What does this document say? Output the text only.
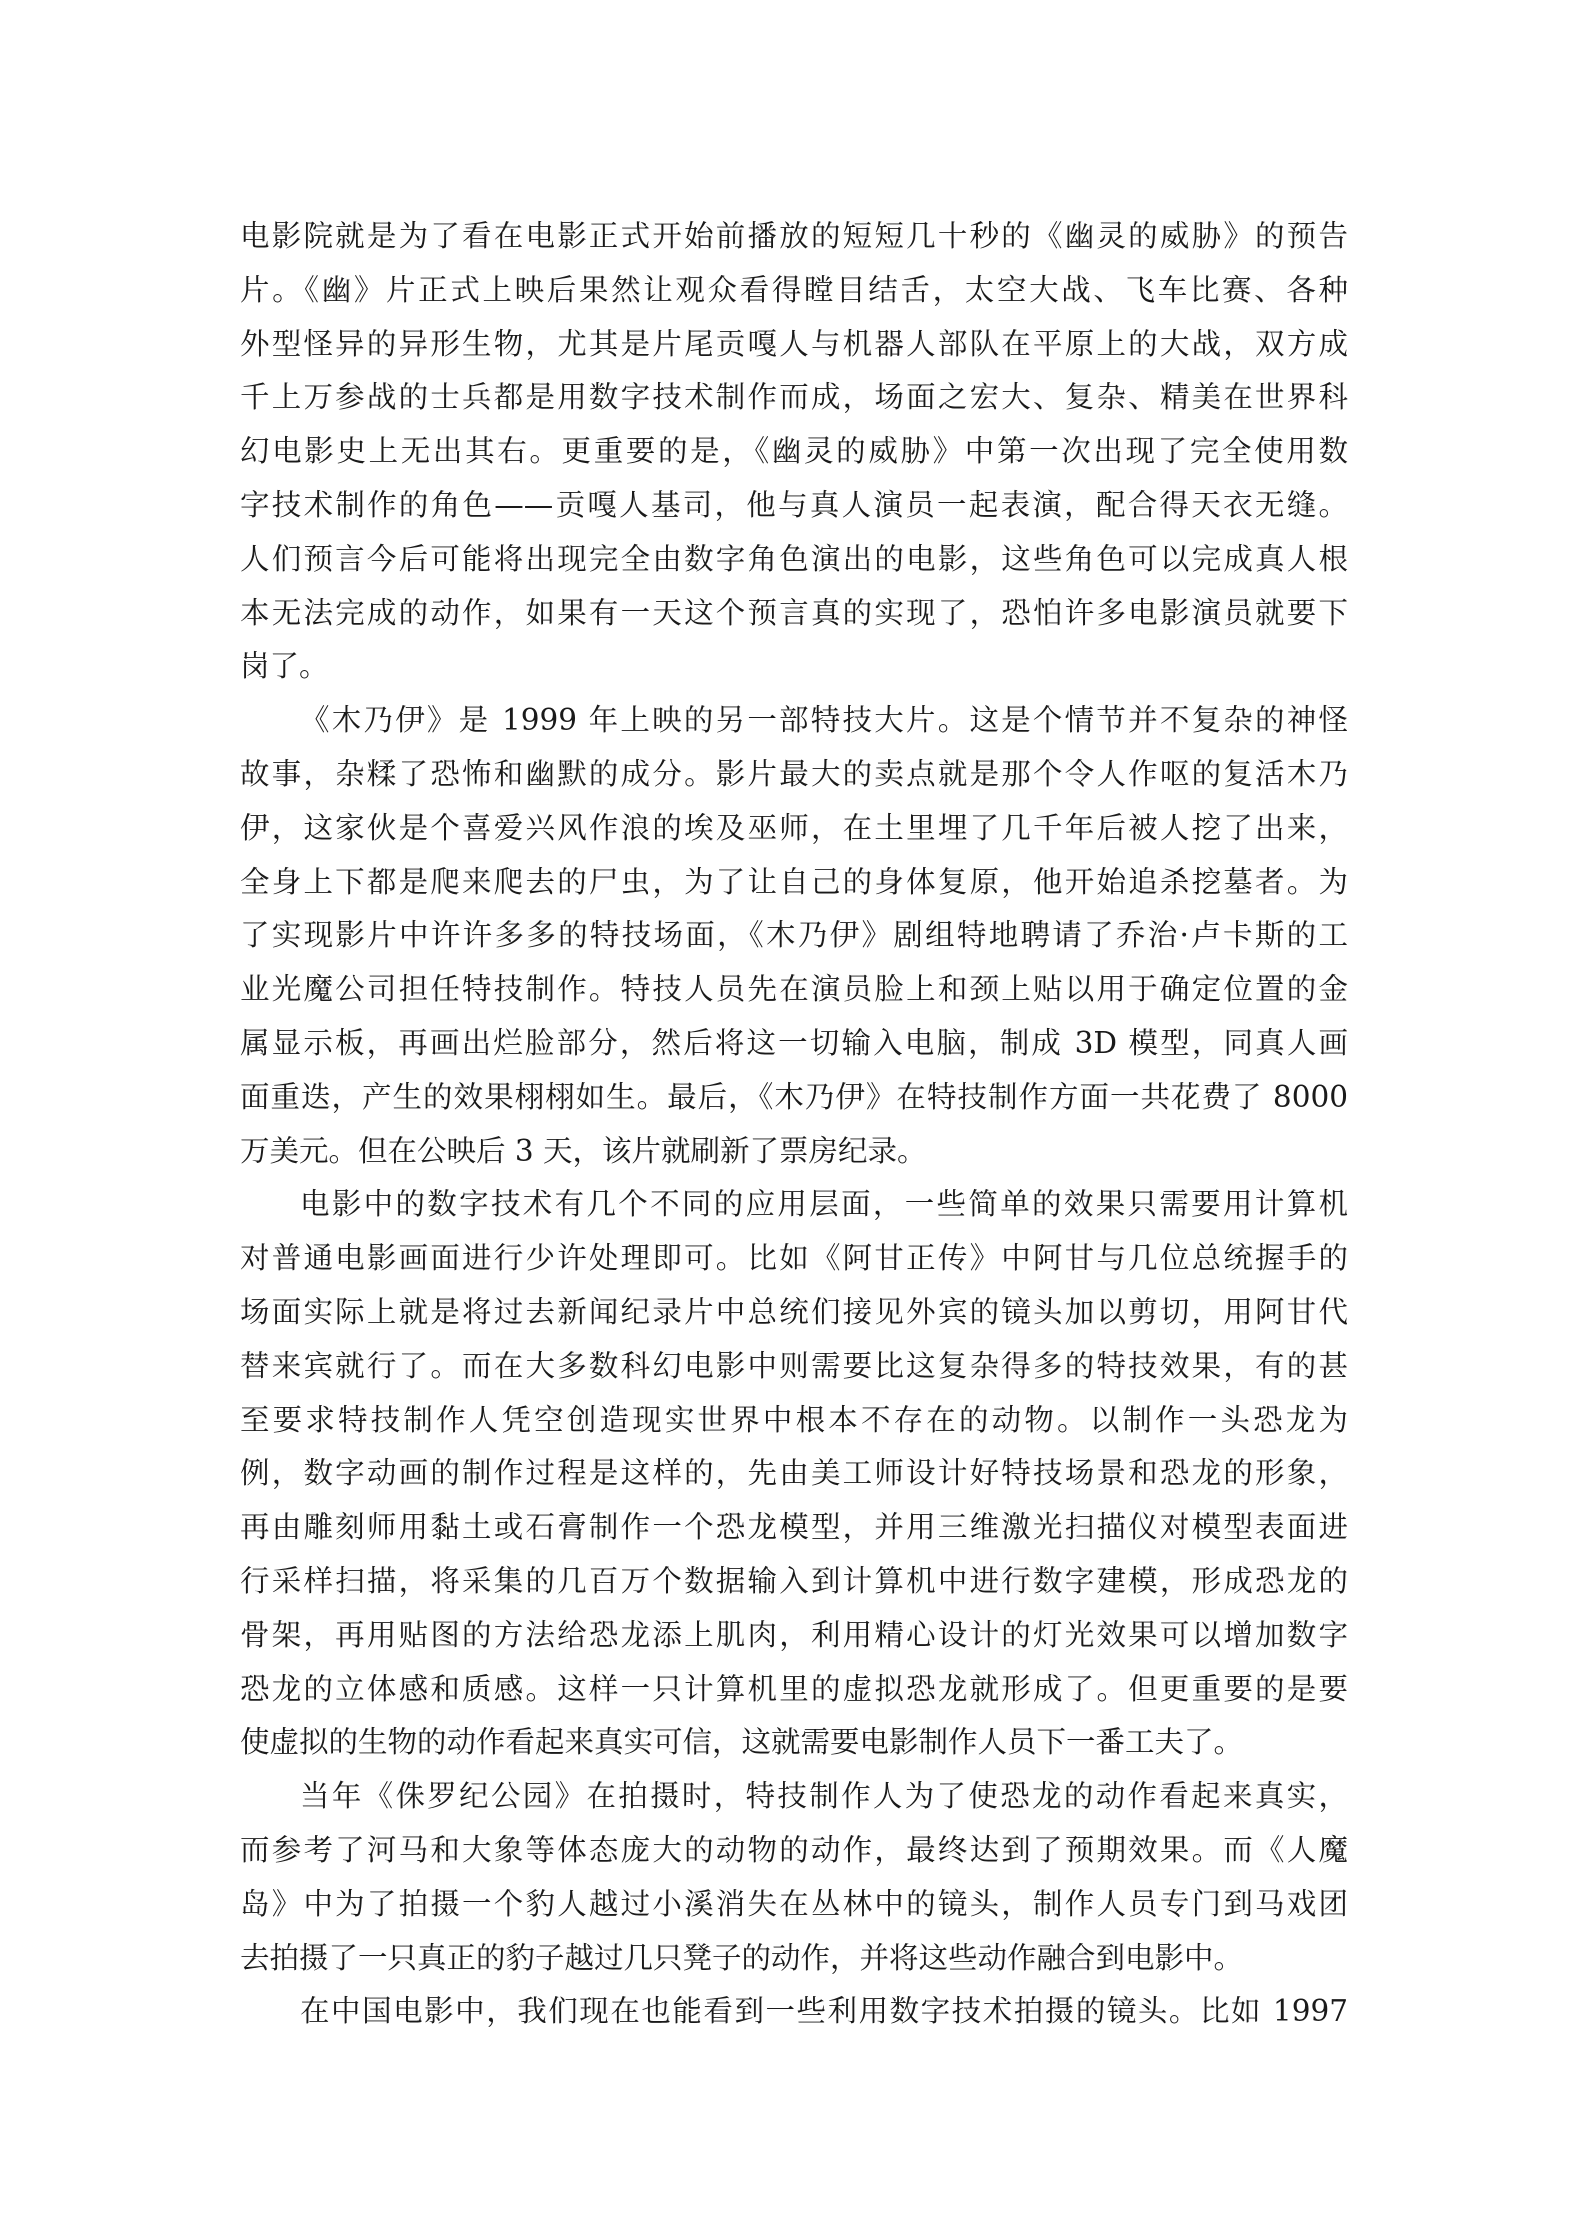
电影院就是为了看在电影正式开始前播放的短短几十秒的《幽灵的威胁》的预告
片。《幽》片正式上映后果然让观众看得瞠目结舌，太空大战、飞车比赛、各种
外型怪异的异形生物，尤其是片尾贡嘎人与机器人部队在平原上的大战，双方成
千上万参战的士兵都是用数字技术制作而成，场面之宏大、复杂、精美在世界科
幻电影史上无出其右。更重要的是，《幽灵的威胁》中第一次出现了完全使用数
字技术制作的角色——贡嘎人基司，他与真人演员一起表演，配合得天衣无缝。
人们预言今后可能将出现完全由数字角色演出的电影，这些角色可以完成真人根
本无法完成的动作，如果有一天这个预言真的实现了，恐怕许多电影演员就要下
岗了。
《木乃伊》是 1999 年上映的另一部特技大片。这是个情节并不复杂的神怪
故事，杂糅了恐怖和幽默的成分。影片最大的卖点就是那个令人作呕的复活木乃
伊，这家伙是个喜爱兴风作浪的埃及巫师，在土里埋了几千年后被人挖了出来，
全身上下都是爬来爬去的尸虫，为了让自己的身体复原，他开始追杀挖墓者。为
了实现影片中许许多多的特技场面，《木乃伊》剧组特地聘请了乔治·卢卡斯的工
业光魔公司担任特技制作。特技人员先在演员脸上和颈上贴以用于确定位置的金
属显示板，再画出烂脸部分，然后将这一切输入电脑，制成 3D 模型，同真人画
面重迭，产生的效果栩栩如生。最后，《木乃伊》在特技制作方面一共花费了 8000
万美元。但在公映后 3 天，该片就刷新了票房纪录。
电影中的数字技术有几个不同的应用层面，一些简单的效果只需要用计算机
对普通电影画面进行少许处理即可。比如《阿甘正传》中阿甘与几位总统握手的
场面实际上就是将过去新闻纪录片中总统们接见外宾的镜头加以剪切，用阿甘代
替来宾就行了。而在大多数科幻电影中则需要比这复杂得多的特技效果，有的甚
至要求特技制作人凭空创造现实世界中根本不存在的动物。以制作一头恐龙为
例，数字动画的制作过程是这样的，先由美工师设计好特技场景和恐龙的形象，
再由雕刻师用黏土或石膏制作一个恐龙模型，并用三维激光扫描仪对模型表面进
行采样扫描，将采集的几百万个数据输入到计算机中进行数字建模，形成恐龙的
骨架，再用贴图的方法给恐龙添上肌肉，利用精心设计的灯光效果可以增加数字
恐龙的立体感和质感。这样一只计算机里的虚拟恐龙就形成了。但更重要的是要
使虚拟的生物的动作看起来真实可信，这就需要电影制作人员下一番工夫了。
当年《侏罗纪公园》在拍摄时，特技制作人为了使恐龙的动作看起来真实，
而参考了河马和大象等体态庞大的动物的动作，最终达到了预期效果。而《人魔
岛》中为了拍摄一个豹人越过小溪消失在丛林中的镜头，制作人员专门到马戏团
去拍摄了一只真正的豹子越过几只凳子的动作，并将这些动作融合到电影中。
在中国电影中，我们现在也能看到一些利用数字技术拍摄的镜头。比如 1997
